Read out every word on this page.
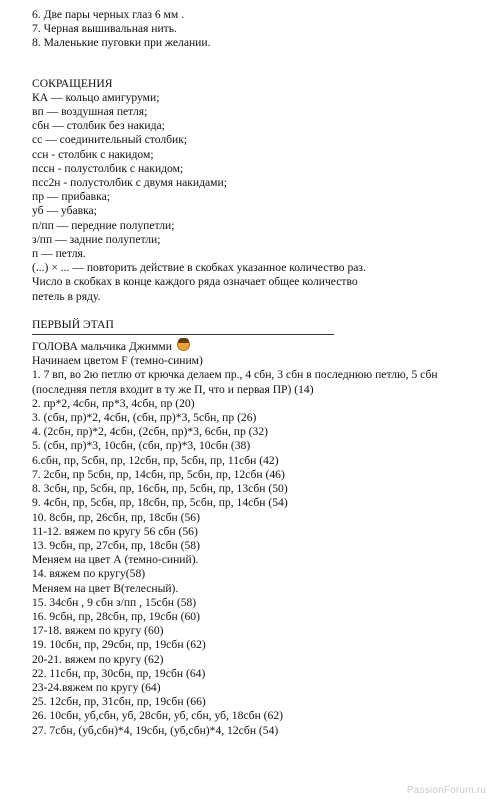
6. Две пары черных глаз 6 мм .
7. Черная вышивальная нить.
8. Маленькие пуговки при желании.
СОКРАЩЕНИЯ
КА — кольцо амигуруми;
вп — воздушная петля;
сбн — столбик без накида;
сс — соединительный столбик;
ссн - столбик с накидом;
пссн - полустолбик с накидом;
псс2н - полустолбик с двумя накидами;
пр — прибавка;
уб — убавка;
п/пп — передние полупетли;
з/пп — задние полупетли;
п — петля.
(...) × ... — повторить действие в скобках указанное количество раз.
Число в скобках в конце каждого ряда означает общее количество
петель в ряду.
ПЕРВЫЙ ЭТАП
ГОЛОВА мальчика Джимми
Начинаем цветом F (темно-синим)
1. 7 вп, во 2ю петлю от крючка делаем пр., 4 сбн, 3 сбн в последнюю петлю, 5 сбн
(последняя петля входит в ту же П, что и первая ПР) (14)
2. пр*2, 4сбн, пр*3, 4сбн, пр (20)
3. (сбн, пр)*2, 4сбн, (сбн, пр)*3, 5сбн, пр (26)
4. (2сбн, пр)*2, 4сбн, (2сбн, пр)*3, 6сбн, пр (32)
5. (сбн, пр)*3, 10сбн, (сбн, пр)*3, 10сбн (38)
6.сбн, пр, 5сбн, пр, 12сбн, пр, 5сбн, пр, 11сбн (42)
7. 2сбн, пр 5сбн, пр, 14сбн, пр, 5сбн, пр, 12сбн (46)
8. 3сбн, пр, 5сбн, пр, 16сбн, пр, 5сбн, пр, 13сбн (50)
9. 4сбн, пр, 5сбн, пр, 18сбн, пр, 5сбн, пр, 14сбн (54)
10. 8сбн, пр, 26сбн, пр, 18сбн (56)
11-12. вяжем по кругу 56 сбн (56)
13. 9сбн, пр, 27сбн, пр, 18сбн (58)
Меняем на цвет А (темно-синий).
14. вяжем по кругу(58)
Меняем на цвет В(телесный).
15. 34сбн , 9 сбн з/пп , 15сбн (58)
16. 9сбн, пр, 28сбн, пр, 19сбн (60)
17-18. вяжем по кругу (60)
19. 10сбн, пр, 29сбн, пр, 19сбн (62)
20-21. вяжем по кругу (62)
22. 11сбн, пр, 30сбн, пр, 19сбн (64)
23-24.вяжем по кругу (64)
25. 12сбн, пр, 31сбн, пр, 19сбн (66)
26. 10сбн, уб,сбн, уб, 28сбн, уб, сбн, уб, 18сбн (62)
27. 7сбн, (уб,сбн)*4, 19сбн, (уб,сбн)*4, 12сбн (54)
PassionForum.ru
